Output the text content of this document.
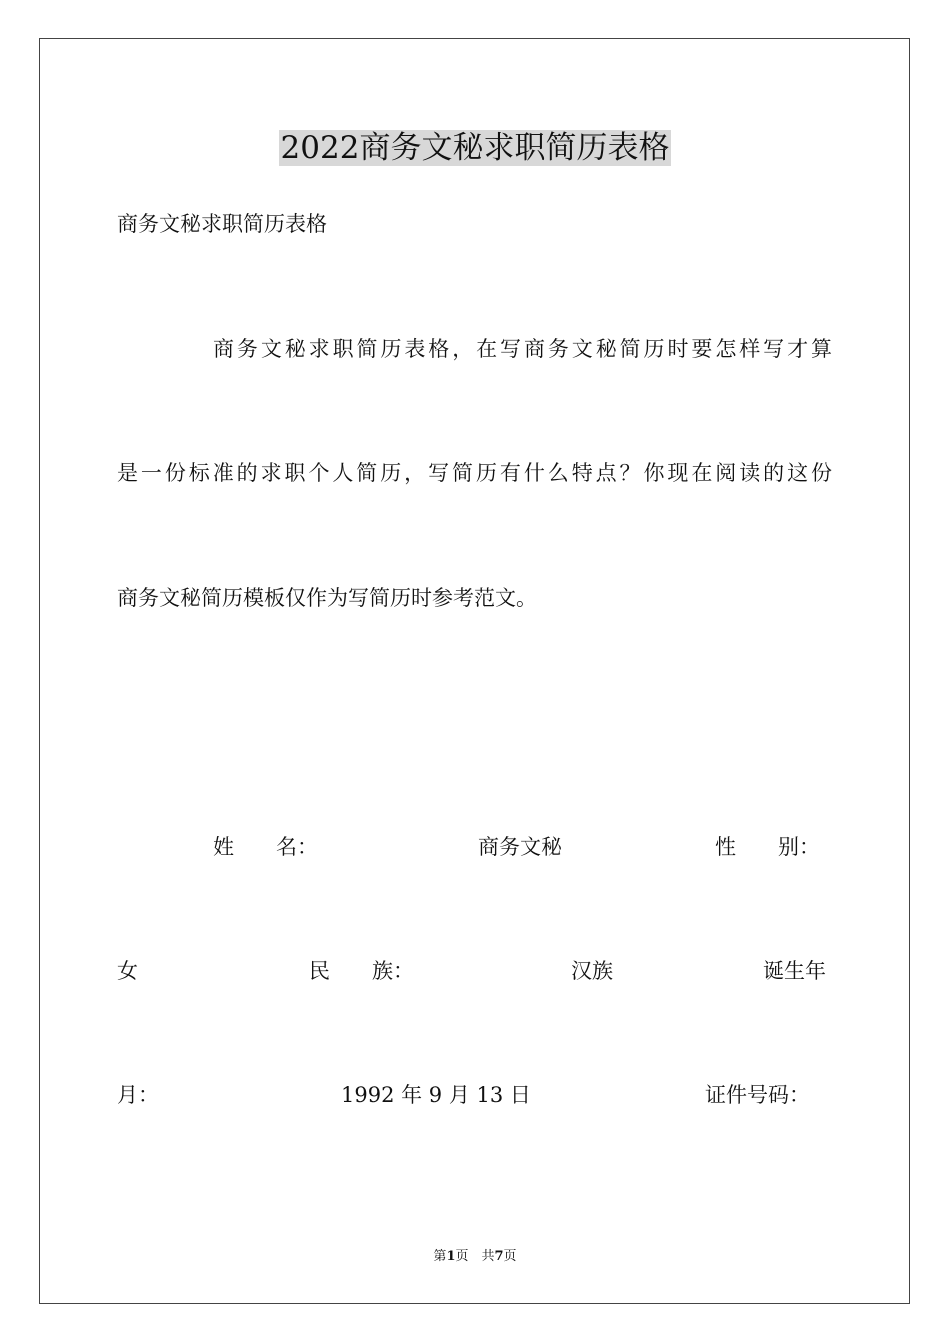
2022商务文秘求职简历表格
商务文秘求职简历表格
商务文秘求职简历表格，在写商务文秘简历时要怎样写才算
是一份标准的求职个人简历，写简历有什么特点？你现在阅读的这份
商务文秘简历模板仅作为写简历时参考范文。
姓　　名：	商务文秘	性　　别：
女	民　　族：	汉族	诞生年
月：	1992 年 9 月 13 日	证件号码：
第1页　共7页
